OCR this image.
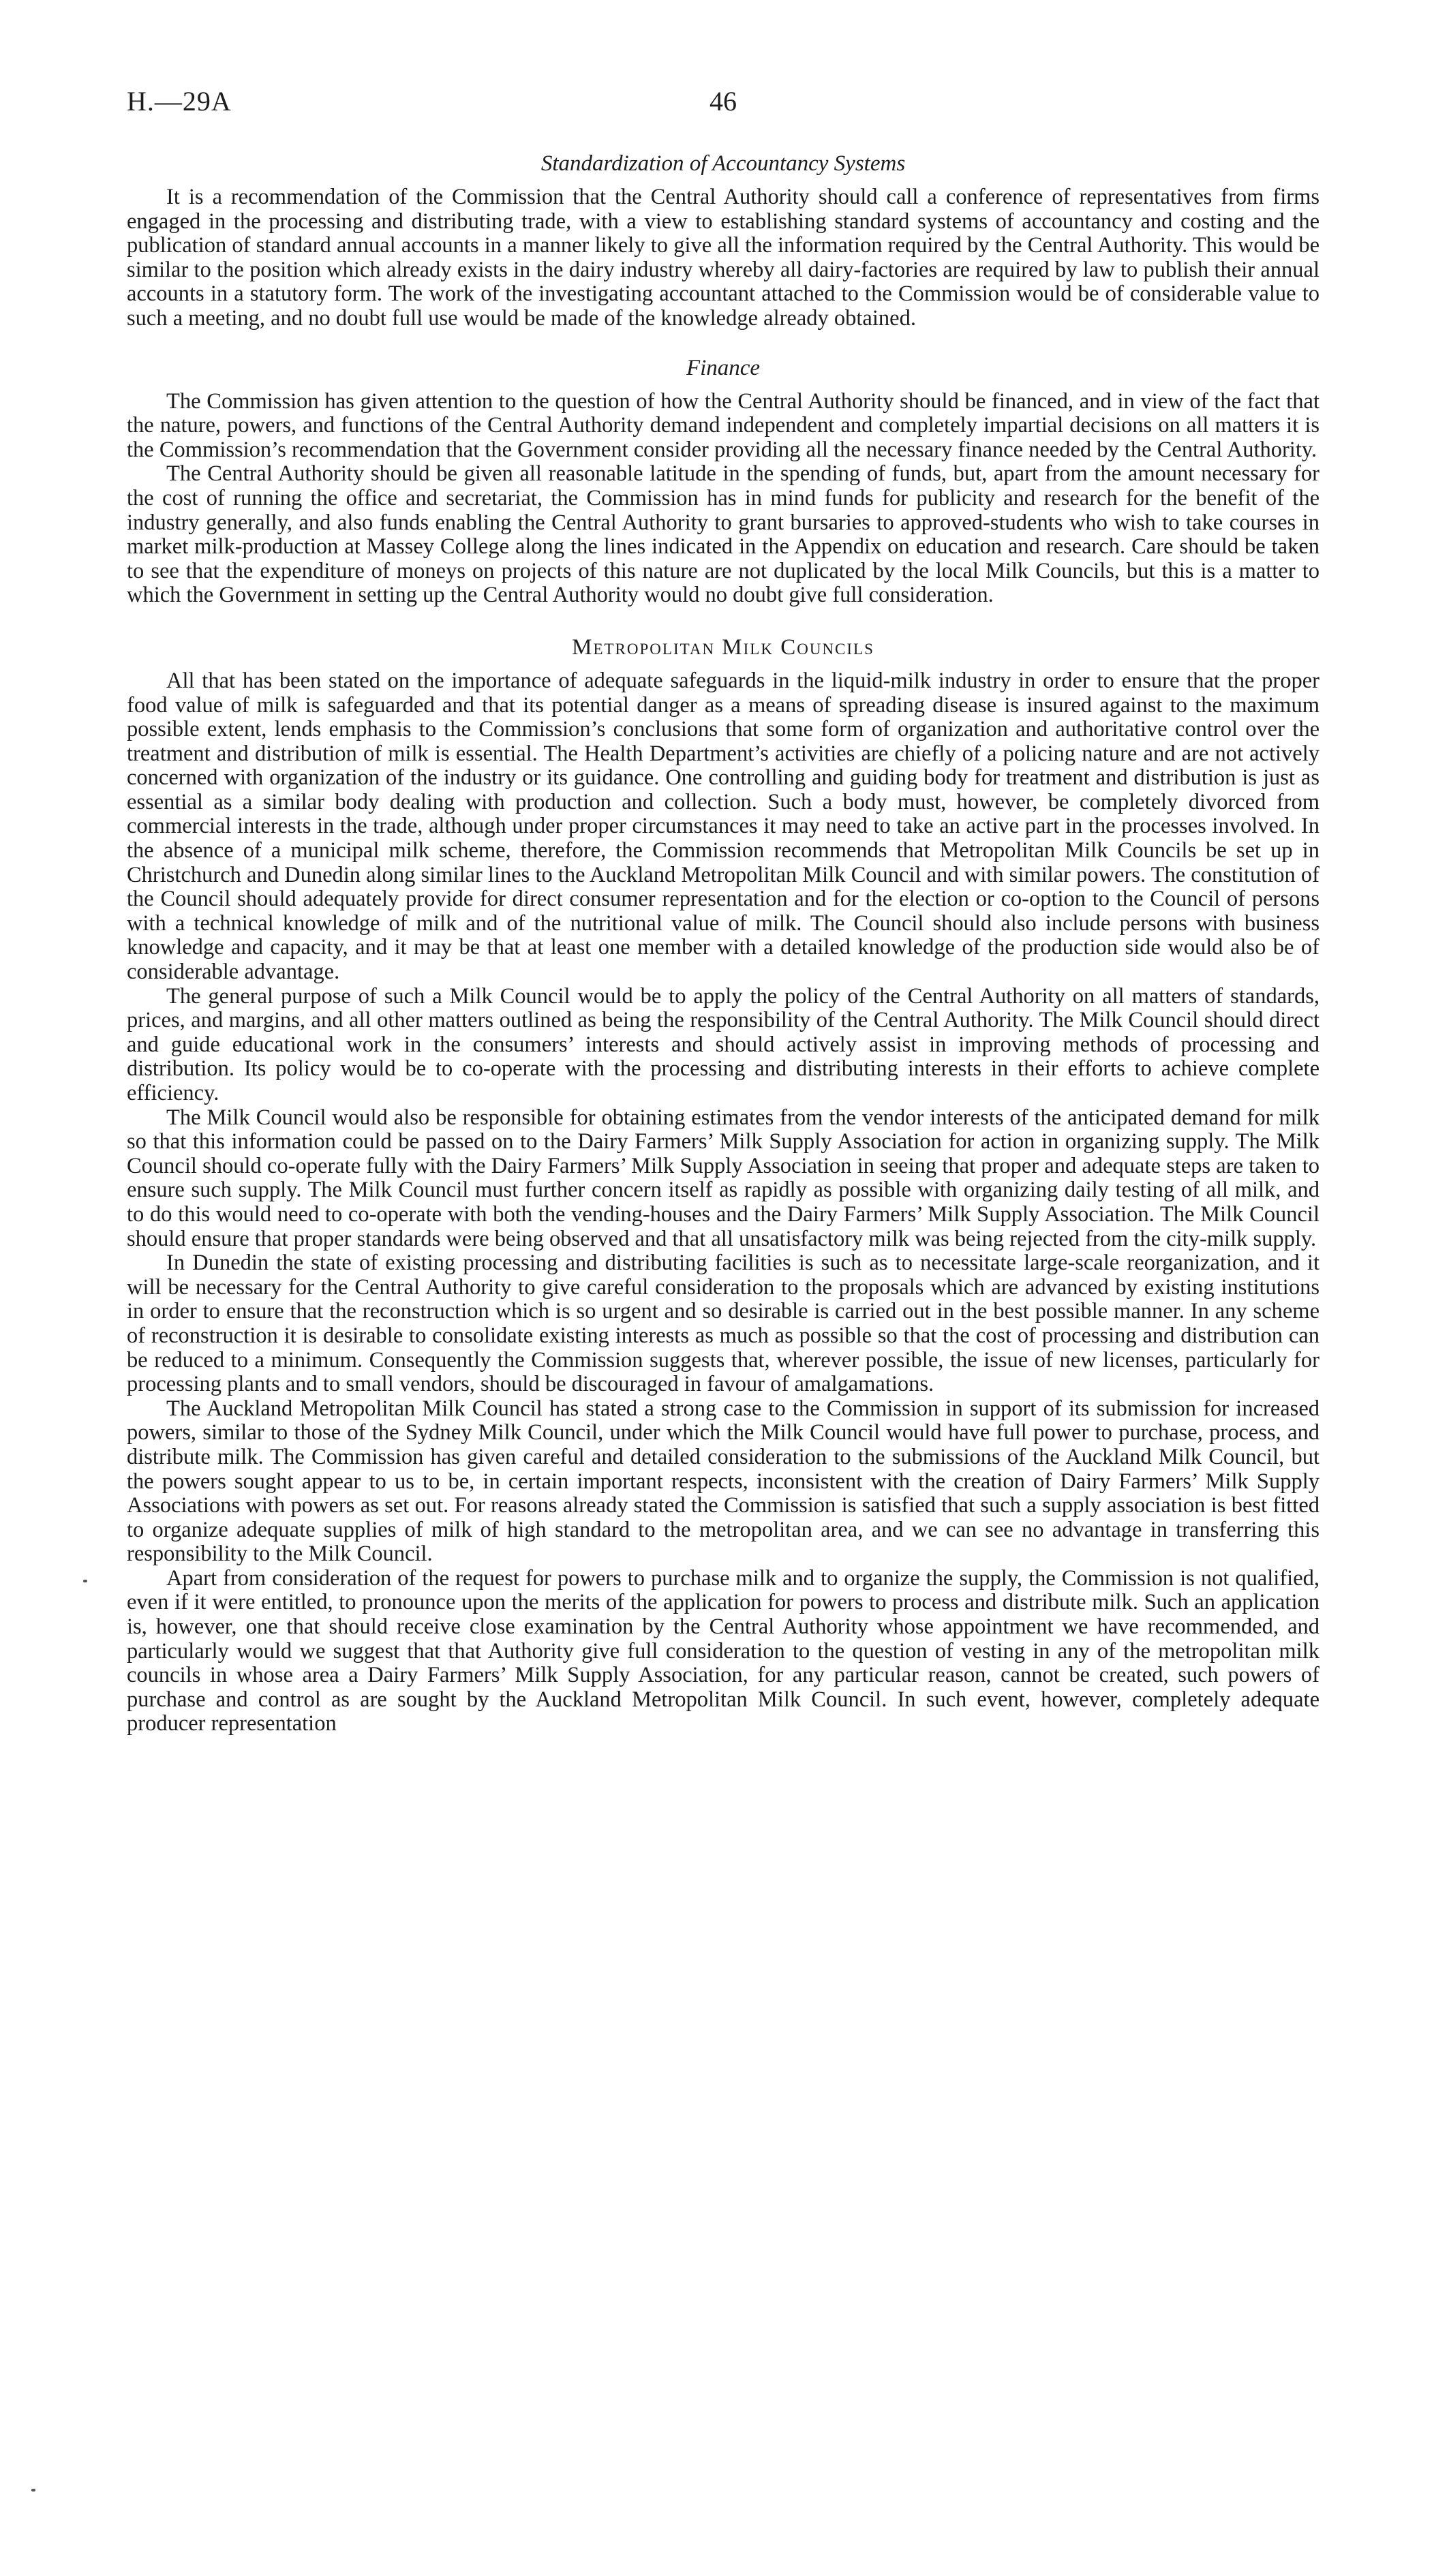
H.—29A	46
Standardization of Accountancy Systems

It is a recommendation of the Commission that the Central Authority should call a conference of representatives from firms engaged in the processing and distributing trade, with a view to establishing standard systems of accountancy and costing and the publication of standard annual accounts in a manner likely to give all the information required by the Central Authority. This would be similar to the position which already exists in the dairy industry whereby all dairy-factories are required by law to publish their annual accounts in a statutory form. The work of the investigating accountant attached to the Commission would be of considerable value to such a meeting, and no doubt full use would be made of the knowledge already obtained.

Finance

The Commission has given attention to the question of how the Central Authority should be financed, and in view of the fact that the nature, powers, and functions of the Central Authority demand independent and completely impartial decisions on all matters it is the Commission’s recommendation that the Government consider providing all the necessary finance needed by the Central Authority.

The Central Authority should be given all reasonable latitude in the spending of funds, but, apart from the amount necessary for the cost of running the office and secretariat, the Commission has in mind funds for publicity and research for the benefit of the industry generally, and also funds enabling the Central Authority to grant bursaries to approved-students who wish to take courses in market milk-production at Massey College along the lines indicated in the Appendix on education and research. Care should be taken to see that the expenditure of moneys on projects of this nature are not duplicated by the local Milk Councils, but this is a matter to which the Government in setting up the Central Authority would no doubt give full consideration.

Metropolitan Milk Councils

All that has been stated on the importance of adequate safeguards in the liquid-milk industry in order to ensure that the proper food value of milk is safeguarded and that its potential danger as a means of spreading disease is insured against to the maximum possible extent, lends emphasis to the Commission’s conclusions that some form of organization and authoritative control over the treatment and distribution of milk is essential. The Health Department’s activities are chiefly of a policing nature and are not actively concerned with organization of the industry or its guidance. One controlling and guiding body for treatment and distribution is just as essential as a similar body dealing with production and collection. Such a body must, however, be completely divorced from commercial interests in the trade, although under proper circumstances it may need to take an active part in the processes involved. In the absence of a municipal milk scheme, therefore, the Commission recommends that Metropolitan Milk Councils be set up in Christchurch and Dunedin along similar lines to the Auckland Metropolitan Milk Council and with similar powers. The constitution of the Council should adequately provide for direct consumer representation and for the election or co-option to the Council of persons with a technical knowledge of milk and of the nutritional value of milk. The Council should also include persons with business knowledge and capacity, and it may be that at least one member with a detailed knowledge of the production side would also be of considerable advantage.

The general purpose of such a Milk Council would be to apply the policy of the Central Authority on all matters of standards, prices, and margins, and all other matters outlined as being the responsibility of the Central Authority. The Milk Council should direct and guide educational work in the consumers’ interests and should actively assist in improving methods of processing and distribution. Its policy would be to co-operate with the processing and distributing interests in their efforts to achieve complete efficiency.

The Milk Council would also be responsible for obtaining estimates from the vendor interests of the anticipated demand for milk so that this information could be passed on to the Dairy Farmers’ Milk Supply Association for action in organizing supply. The Milk Council should co-operate fully with the Dairy Farmers’ Milk Supply Association in seeing that proper and adequate steps are taken to ensure such supply. The Milk Council must further concern itself as rapidly as possible with organizing daily testing of all milk, and to do this would need to co-operate with both the vending-houses and the Dairy Farmers’ Milk Supply Association. The Milk Council should ensure that proper standards were being observed and that all unsatisfactory milk was being rejected from the city-milk supply.

In Dunedin the state of existing processing and distributing facilities is such as to necessitate large-scale reorganization, and it will be necessary for the Central Authority to give careful consideration to the proposals which are advanced by existing institutions in order to ensure that the reconstruction which is so urgent and so desirable is carried out in the best possible manner. In any scheme of reconstruction it is desirable to consolidate existing interests as much as possible so that the cost of processing and distribution can be reduced to a minimum. Consequently the Commission suggests that, wherever possible, the issue of new licenses, particularly for processing plants and to small vendors, should be discouraged in favour of amalgamations.

The Auckland Metropolitan Milk Council has stated a strong case to the Commission in support of its submission for increased powers, similar to those of the Sydney Milk Council, under which the Milk Council would have full power to purchase, process, and distribute milk. The Commission has given careful and detailed consideration to the submissions of the Auckland Milk Council, but the powers sought appear to us to be, in certain important respects, inconsistent with the creation of Dairy Farmers’ Milk Supply Associations with powers as set out. For reasons already stated the Commission is satisfied that such a supply association is best fitted to organize adequate supplies of milk of high standard to the metropolitan area, and we can see no advantage in transferring this responsibility to the Milk Council.

Apart from consideration of the request for powers to purchase milk and to organize the supply, the Commission is not qualified, even if it were entitled, to pronounce upon the merits of the application for powers to process and distribute milk. Such an application is, however, one that should receive close examination by the Central Authority whose appointment we have recommended, and particularly would we suggest that that Authority give full consideration to the question of vesting in any of the metropolitan milk councils in whose area a Dairy Farmers’ Milk Supply Association, for any particular reason, cannot be created, such powers of purchase and control as are sought by the Auckland Metropolitan Milk Council. In such event, however, completely adequate producer representation
